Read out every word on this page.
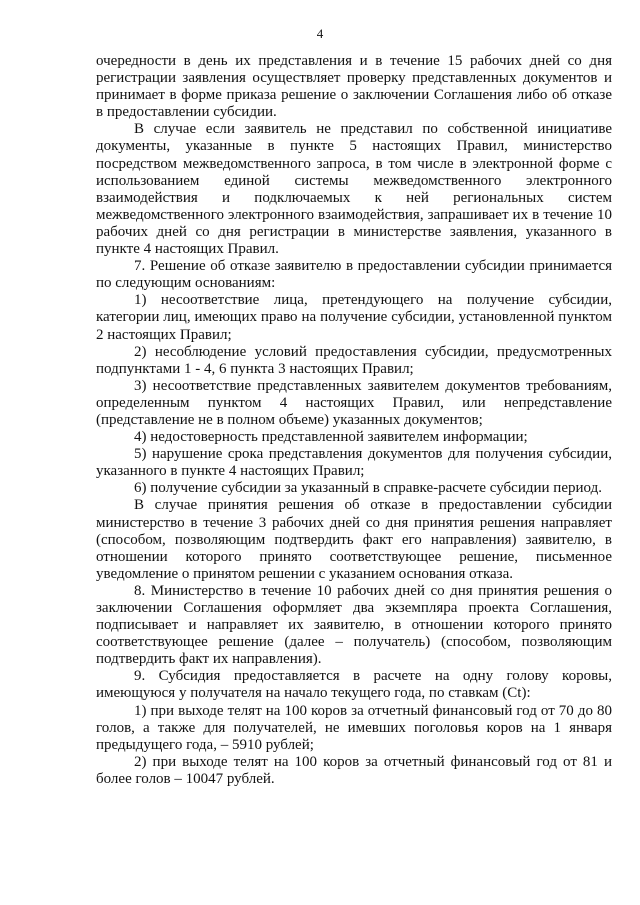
4

очередности в день их представления и в течение 15 рабочих дней со дня регистрации заявления осуществляет проверку представленных документов и принимает в форме приказа решение о заключении Соглашения либо об отказе в предоставлении субсидии.

В случае если заявитель не представил по собственной инициативе документы, указанные в пункте 5 настоящих Правил, министерство посредством межведомственного запроса, в том числе в электронной форме с использованием единой системы межведомственного электронного взаимодействия и подключаемых к ней региональных систем межведомственного электронного взаимодействия, запрашивает их в течение 10 рабочих дней со дня регистрации в министерстве заявления, указанного в пункте 4 настоящих Правил.

7. Решение об отказе заявителю в предоставлении субсидии принимается по следующим основаниям:

1) несоответствие лица, претендующего на получение субсидии, категории лиц, имеющих право на получение субсидии, установленной пунктом 2 настоящих Правил;

2) несоблюдение условий предоставления субсидии, предусмотренных подпунктами 1 - 4, 6 пункта 3 настоящих Правил;

3) несоответствие представленных заявителем документов требованиям, определенным пунктом 4 настоящих Правил, или непредставление (представление не в полном объеме) указанных документов;

4) недостоверность представленной заявителем информации;

5) нарушение срока представления документов для получения субсидии, указанного в пункте 4 настоящих Правил;

6) получение субсидии за указанный в справке-расчете субсидии период.

В случае принятия решения об отказе в предоставлении субсидии министерство в течение 3 рабочих дней со дня принятия решения направляет (способом, позволяющим подтвердить факт его направления) заявителю, в отношении которого принято соответствующее решение, письменное уведомление о принятом решении с указанием основания отказа.

8. Министерство в течение 10 рабочих дней со дня принятия решения о заключении Соглашения оформляет два экземпляра проекта Соглашения, подписывает и направляет их заявителю, в отношении которого принято соответствующее решение (далее – получатель) (способом, позволяющим подтвердить факт их направления).

9. Субсидия предоставляется в расчете на одну голову коровы, имеющуюся у получателя на начало текущего года, по ставкам (Ct):

1) при выходе телят на 100 коров за отчетный финансовый год от 70 до 80 голов, а также для получателей, не имевших поголовья коров на 1 января предыдущего года, – 5910 рублей;

2) при выходе телят на 100 коров за отчетный финансовый год от 81 и более голов – 10047 рублей.
